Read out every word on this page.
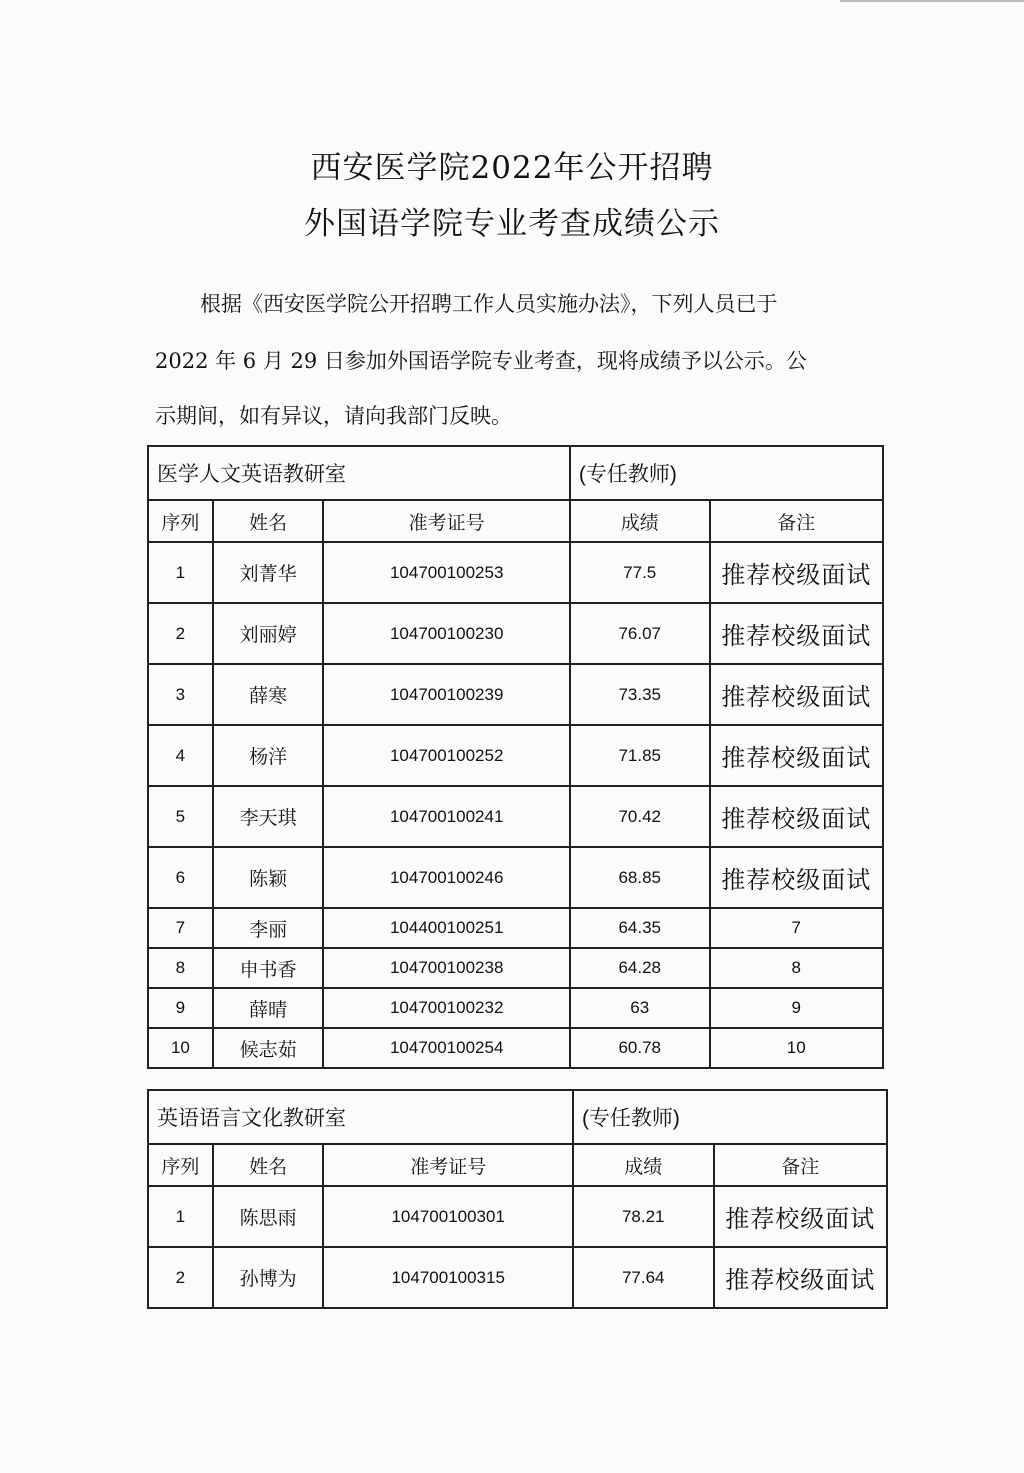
西安医学院2022年公开招聘
外国语学院专业考查成绩公示
根据《西安医学院公开招聘工作人员实施办法》，下列人员已于
2022 年 6 月 29 日参加外国语学院专业考查，现将成绩予以公示。公
示期间，如有异议，请向我部门反映。
医学人文英语教研室			(专任教师)	
序列	姓名	准考证号	成绩	备注
1	刘菁华	104700100253	77.5	推荐校级面试
2	刘丽婷	104700100230	76.07	推荐校级面试
3	薛寒	104700100239	73.35	推荐校级面试
4	杨洋	104700100252	71.85	推荐校级面试
5	李天琪	104700100241	70.42	推荐校级面试
6	陈颖	104700100246	68.85	推荐校级面试
7	李丽	104400100251	64.35	7
8	申书香	104700100238	64.28	8
9	薛晴	104700100232	63	9
10	候志茹	104700100254	60.78	10
英语语言文化教研室			(专任教师)	
序列	姓名	准考证号	成绩	备注
1	陈思雨	104700100301	78.21	推荐校级面试
2	孙博为	104700100315	77.64	推荐校级面试
